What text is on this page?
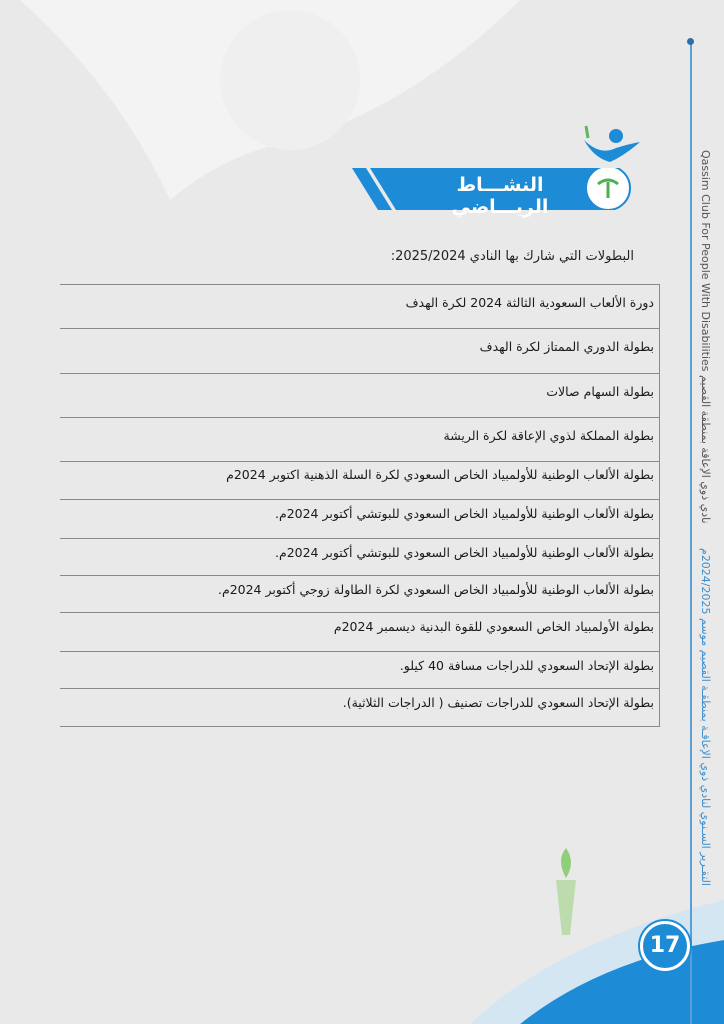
النشـــاط الريـــاضي
البطولات التي شارك بها النادي 2025/2024:
دورة الألعاب السعودية الثالثة 2024 لكرة الهدف
بطولة الدوري الممتاز لكرة الهدف
بطولة السهام صالات
بطولة المملكة لذوي الإعاقة لكرة الريشة
بطولة الألعاب الوطنية للأولمبياد الخاص السعودي لكرة السلة الذهنية اكتوبر 2024م
بطولة الألعاب الوطنية للأولمبياد الخاص السعودي للبوتشي أكتوبر 2024م.
بطولة الألعاب الوطنية للأولمبياد الخاص السعودي للبوتشي أكتوبر 2024م.
بطولة الألعاب الوطنية للأولمبياد الخاص السعودي لكرة الطاولة زوجي أكتوبر 2024م.
بطولة الأولمبياد الخاص السعودي للقوة البدنية ديسمبر 2024م
بطولة الإتحاد السعودي للدراجات مسافة 40 كيلو.
بطولة الإتحاد السعودي للدراجات تصنيف ( الدراجات الثلاثية).
نادي ذوي الإعاقة بمنطقة القصيم Qassim Club For People With Disabilities
التقـرير السـنوي لنادي ذوي الإعاقـة بمنطقـة القصيم موسم 2024/2025م
17
